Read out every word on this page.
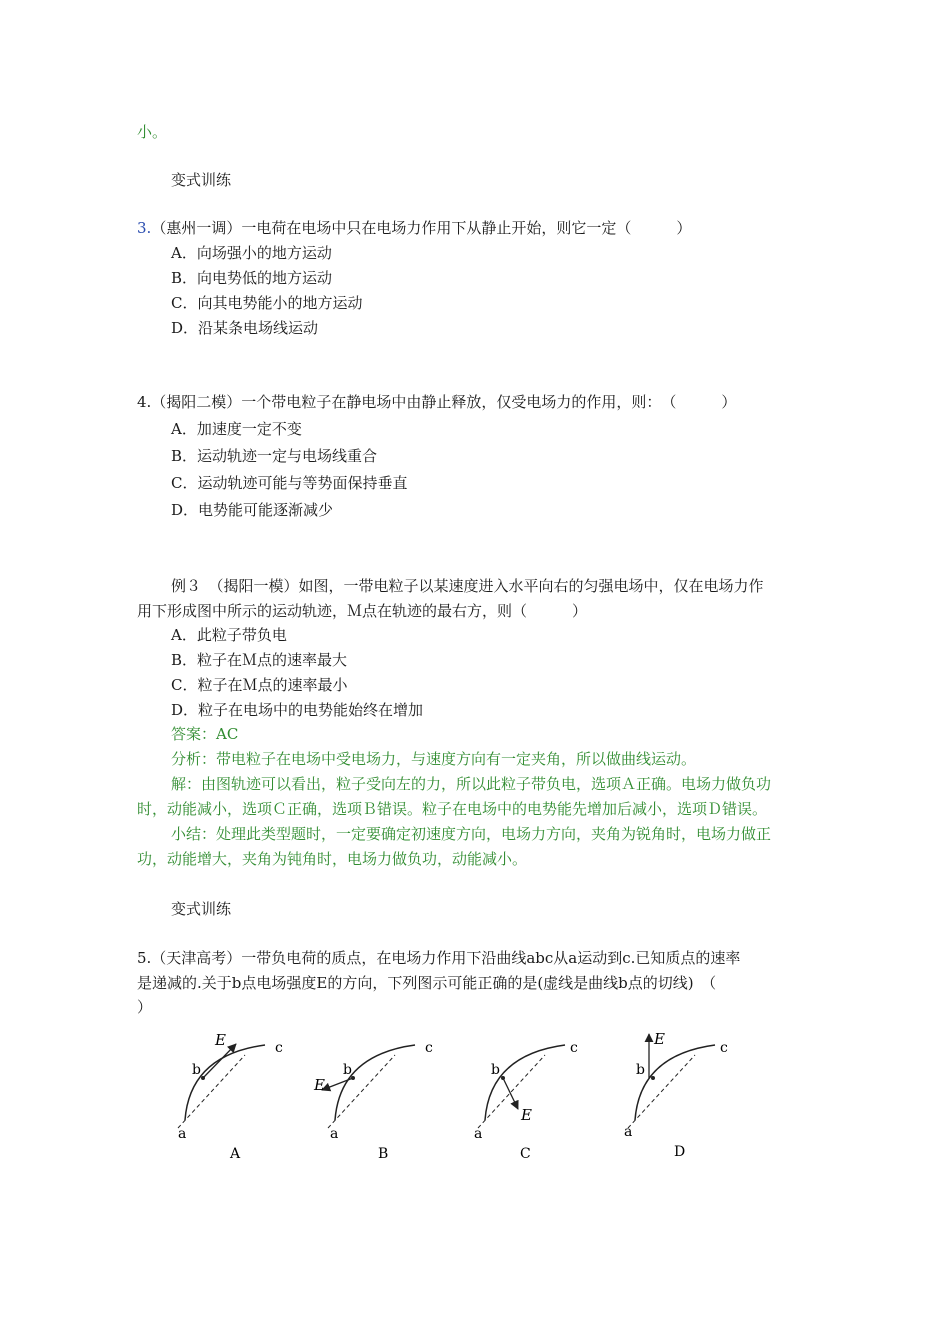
小。
变式训练
3.（惠州一调）一电荷在电场中只在电场力作用下从静止开始，则它一定（　　　）
A．向场强小的地方运动
B．向电势低的地方运动
C．向其电势能小的地方运动
D．沿某条电场线运动
4.（揭阳二模）一个带电粒子在静电场中由静止释放，仅受电场力的作用，则：　（　　　）
A．加速度一定不变
B．运动轨迹一定与电场线重合
C．运动轨迹可能与等势面保持垂直
D．电势能可能逐渐减少
例３　（揭阳一模）如图，一带电粒子以某速度进入水平向右的匀强电场中，仅在电场力作
用下形成图中所示的运动轨迹，Ｍ点在轨迹的最右方，则（　　　）
A．此粒子带负电
B．粒子在Ｍ点的速率最大
C．粒子在Ｍ点的速率最小
D．粒子在电场中的电势能始终在增加
答案：AC
分析：带电粒子在电场中受电场力，与速度方向有一定夹角，所以做曲线运动。
解：由图轨迹可以看出，粒子受向左的力，所以此粒子带负电，选项Ａ正确。电场力做负功
时，动能减小，选项Ｃ正确，选项Ｂ错误。粒子在电场中的电势能先增加后减小，选项Ｄ错误。
小结：处理此类型题时，一定要确定初速度方向，电场力方向，夹角为锐角时，电场力做正
功，动能增大，夹角为钝角时，电场力做负功，动能减小。
变式训练
5.（天津高考）一带负电荷的质点，在电场力作用下沿曲线abc从a运动到c.已知质点的速率
是递减的.关于b点电场强度E的方向，下列图示可能正确的是(虚线是曲线b点的切线)　（
）
E
b
c
a
A
E
b
c
a
B
E
b
c
a
C
E
b
c
a
D
